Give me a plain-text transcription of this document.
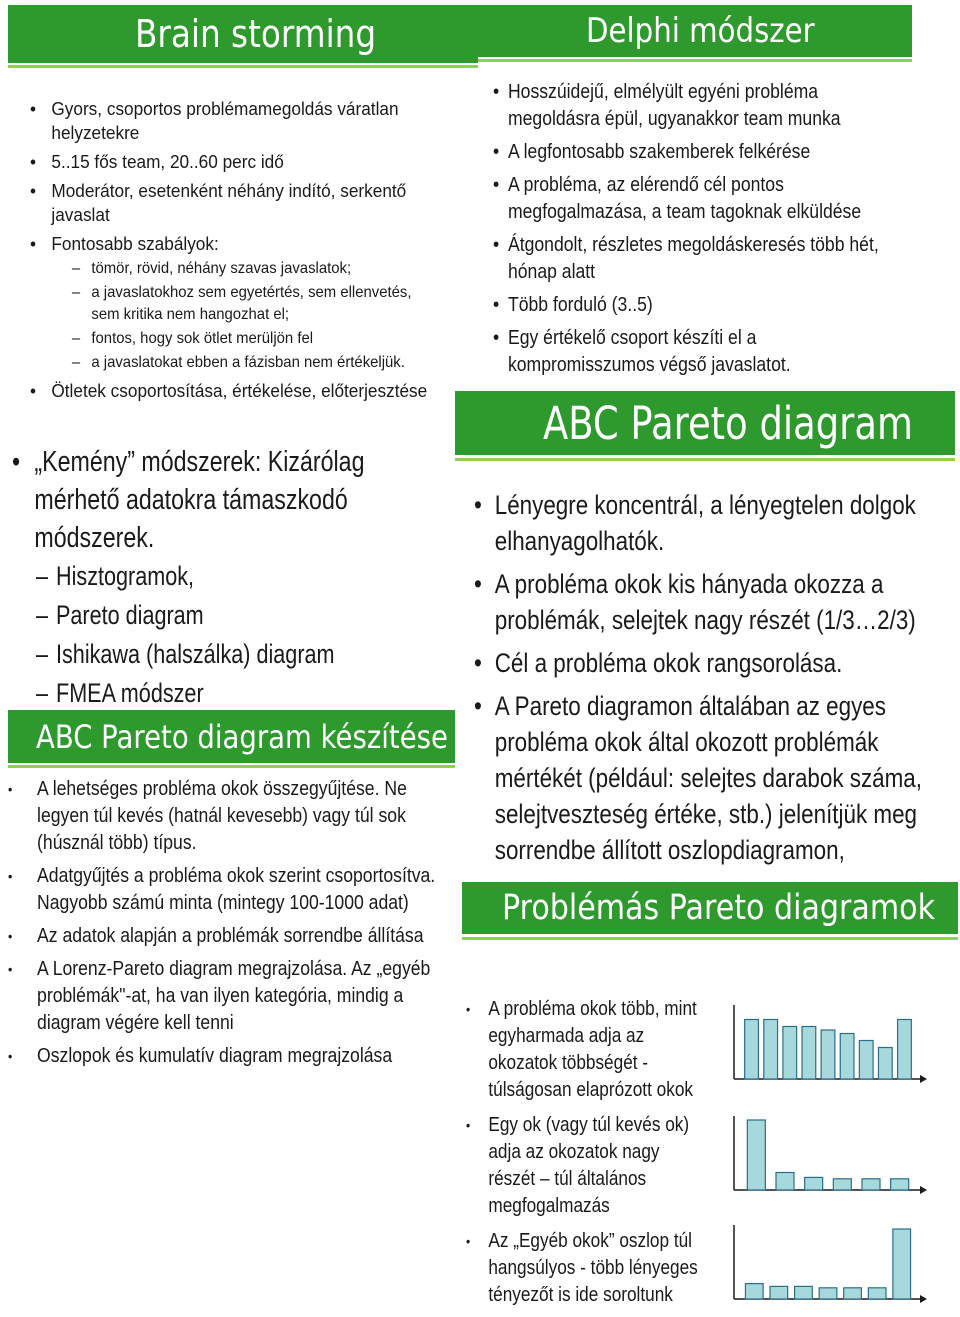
Brain storming
• Gyors, csoportos problémamegoldás váratlan helyzetekre
• 5..15 fős team, 20..60 perc idő
• Moderátor, esetenként néhány indító, serkentő javaslat
• Fontosabb szabályok:
– tömör, rövid, néhány szavas javaslatok;
– a javaslatokhoz sem egyetértés, sem ellenvetés, sem kritika nem hangozhat el;
– fontos, hogy sok ötlet merüljön fel
– a javaslatokat ebben a fázisban nem értékeljük.
• Ötletek csoportosítása, értékelése, előterjesztése
Delphi módszer
• Hosszúidejű, elmélyült egyéni probléma megoldásra épül, ugyanakkor team munka
• A legfontosabb szakemberek felkérése
• A probléma, az elérendő cél pontos megfogalmazása, a team tagoknak elküldése
• Átgondolt, részletes megoldáskeresés több hét, hónap alatt
• Több forduló (3..5)
• Egy értékelő csoport készíti el a kompromisszumos végső javaslatot.
• „Kemény” módszerek: Kizárólag mérhető adatokra támaszkodó módszerek.
– Hisztogramok,
– Pareto diagram
– Ishikawa (halszálka) diagram
– FMEA módszer
ABC Pareto diagram
• Lényegre koncentrál, a lényegtelen dolgok elhanyagolhatók.
• A probléma okok kis hányada okozza a problémák, selejtek nagy részét (1/3…2/3)
• Cél a probléma okok rangsorolása.
• A Pareto diagramon általában az egyes probléma okok által okozott problémák mértékét (például: selejtes darabok száma, selejtveszteség értéke, stb.) jelenítjük meg sorrendbe állított oszlopdiagramon,
ABC Pareto diagram készítése
• A lehetséges probléma okok összegyűjtése. Ne legyen túl kevés (hatnál kevesebb) vagy túl sok (húsznál több) típus.
• Adatgyűjtés a probléma okok szerint csoportosítva. Nagyobb számú minta (mintegy 100-1000 adat)
• Az adatok alapján a problémák sorrendbe állítása
• A Lorenz-Pareto diagram megrajzolása. Az „egyéb problémák"-at, ha van ilyen kategória, mindig a diagram végére kell tenni
• Oszlopok és kumulatív diagram megrajzolása
Problémás Pareto diagramok
• A probléma okok több, mint egyharmada adja az okozatok többségét - túlságosan elaprózott okok
• Egy ok (vagy túl kevés ok) adja az okozatok nagy részét – túl általános megfogalmazás
• Az „Egyéb okok” oszlop túl hangsúlyos - több lényeges tényezőt is ide soroltunk
